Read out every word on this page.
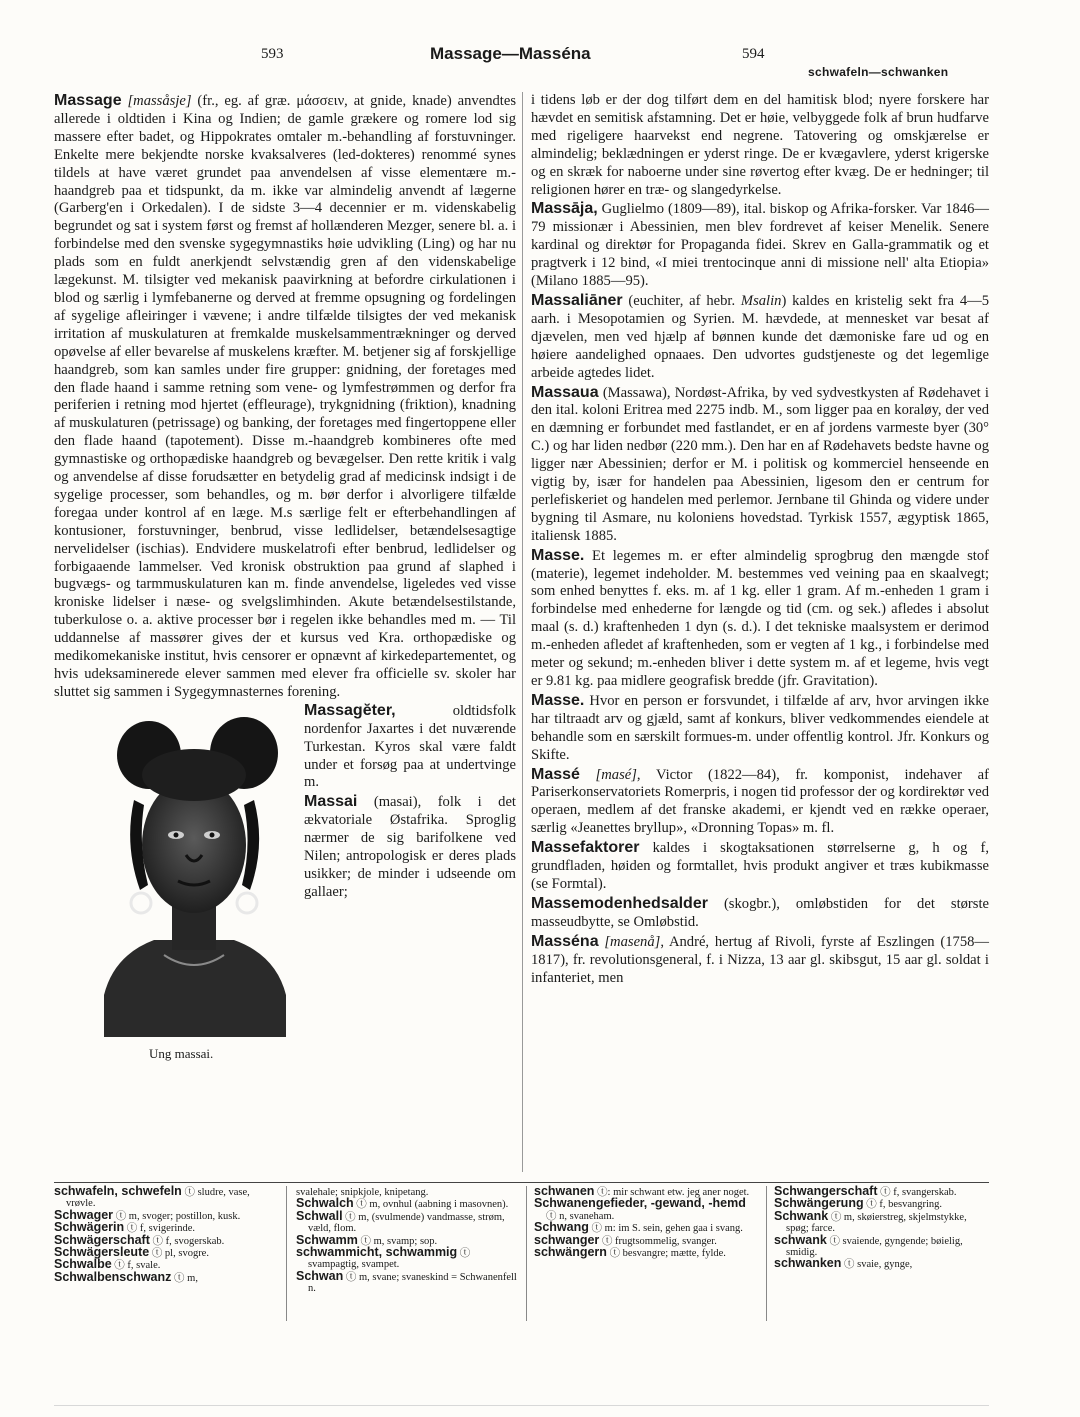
593	Massage—Masséna	594
schwafeln—schwanken

Massage [massåsje] (fr., eg. af græ. μάσσειν, at gnide, knade) anvendtes allerede i oldtiden i Kina og Indien; de gamle grækere og romere lod sig massere efter badet, og Hippokrates omtaler m.-behandling af forstuvninger. Enkelte mere bekjendte norske kvaksalveres (led-dokteres) renommé synes tildels at have været grundet paa anvendelsen af visse elementære m.-haandgreb paa et tidspunkt, da m. ikke var almindelig anvendt af lægerne (Garberg'en i Orkedalen). I de sidste 3—4 decennier er m. videnskabelig begrundet og sat i system først og fremst af hollænderen Mezger, senere bl. a. i forbindelse med den svenske sygegymnastiks høie udvikling (Ling) og har nu plads som en fuldt anerkjendt selvstændig gren af den videnskabelige lægekunst. M. tilsigter ved mekanisk paavirkning at befordre cirkulationen i blod og særlig i lymfebanerne og derved at fremme opsugning og fordelingen af sygelige afleiringer i vævene; i andre tilfælde tilsigtes der ved mekanisk irritation af muskulaturen at fremkalde muskelsammentrækninger og derved opøvelse af eller bevarelse af muskelens kræfter. M. betjener sig af forskjellige haandgreb, som kan samles under fire grupper: gnidning, der foretages med den flade haand i samme retning som vene- og lymfestrømmen og derfor fra periferien i retning mod hjertet (effleurage), trykgnidning (friktion), knadning af muskulaturen (petrissage) og banking, der foretages med fingertoppene eller den flade haand (tapotement). Disse m.-haandgreb kombineres ofte med gymnastiske og orthopædiske haandgreb og bevægelser. Den rette kritik i valg og anvendelse af disse forudsætter en betydelig grad af medicinsk indsigt i de sygelige processer, som behandles, og m. bør derfor i alvorligere tilfælde foregaa under kontrol af en læge. M.s særlige felt er efterbehandlingen af kontusioner, forstuvninger, benbrud, visse ledlidelser, betændelsesagtige nervelidelser (ischias). Endvidere muskelatrofi efter benbrud, ledlidelser og forbigaaende lammelser. Ved kronisk obstruktion paa grund af slaphed i bugvægs- og tarmmuskulaturen kan m. finde anvendelse, ligeledes ved visse kroniske lidelser i næse- og svelgslimhinden. Akute betændelsestilstande, tuberkulose o. a. aktive processer bør i regelen ikke behandles med m. — Til uddannelse af massører gives der et kursus ved Kra. orthopædiske og medikomekaniske institut, hvis censorer er opnævnt af kirkedepartementet, og hvis udeksaminerede elever sammen med elever fra officielle sv. skoler har sluttet sig sammen i Sygegymnasternes forening.

Ung massai.

Massagĕter, oldtidsfolk nordenfor Jaxartes i det nuværende Turkestan. Kyros skal være faldt under et forsøg paa at undertvinge m.

Massai (masai), folk i det ækvatoriale Østafrika. Sproglig nærmer de sig barifolkene ved Nilen; antropologisk er deres plads usikker; de minder i udseende om gallaer;

i tidens løb er der dog tilført dem en del hamitisk blod; nyere forskere har hævdet en semitisk afstamning. Det er høie, velbyggede folk af brun hudfarve med rigeligere haarvekst end negrene. Tatovering og omskjærelse er almindelig; beklædningen er yderst ringe. De er kvægavlere, yderst krigerske og en skræk for naboerne under sine røvertog efter kvæg. De er hedninger; til religionen hører en træ- og slangedyrkelse.

Massāja, Guglielmo (1809—89), ital. biskop og Afrika-forsker. Var 1846—79 missionær i Abessinien, men blev fordrevet af keiser Menelik. Senere kardinal og direktør for Propaganda fidei. Skrev en Galla-grammatik og et pragtverk i 12 bind, «I miei trentocinque anni di missione nell' alta Etiopia» (Milano 1885—95).

Massaliāner (euchiter, af hebr. Msalin) kaldes en kristelig sekt fra 4—5 aarh. i Mesopotamien og Syrien. M. hævdede, at mennesket var besat af djævelen, men ved hjælp af bønnen kunde det dæmoniske fare ud og en høiere aandelighed opnaaes. Den udvortes gudstjeneste og det legemlige arbeide agtedes lidet.

Massaua (Massawa), Nordøst-Afrika, by ved sydvestkysten af Rødehavet i den ital. koloni Eritrea med 2275 indb. M., som ligger paa en koraløy, der ved en dæmning er forbundet med fastlandet, er en af jordens varmeste byer (30° C.) og har liden nedbør (220 mm.). Den har en af Rødehavets bedste havne og ligger nær Abessinien; derfor er M. i politisk og kommerciel henseende en vigtig by, især for handelen paa Abessinien, ligesom den er centrum for perlefiskeriet og handelen med perlemor. Jernbane til Ghinda og videre under bygning til Asmare, nu koloniens hovedstad. Tyrkisk 1557, ægyptisk 1865, italiensk 1885.

Masse. Et legemes m. er efter almindelig sprogbrug den mængde stof (materie), legemet indeholder. M. bestemmes ved veining paa en skaalvegt; som enhed benyttes f. eks. m. af 1 kg. eller 1 gram. Af m.-enheden 1 gram i forbindelse med enhederne for længde og tid (cm. og sek.) afledes i absolut maal (s. d.) kraftenheden 1 dyn (s. d.). I det tekniske maalsystem er derimod m.-enheden afledet af kraftenheden, som er vegten af 1 kg., i forbindelse med meter og sekund; m.-enheden bliver i dette system m. af et legeme, hvis vegt er 9.81 kg. paa midlere geografisk bredde (jfr. Gravitation).

Masse. Hvor en person er forsvundet, i tilfælde af arv, hvor arvingen ikke har tiltraadt arv og gjæld, samt af konkurs, bliver vedkommendes eiendele at behandle som en særskilt formues-m. under offentlig kontrol. Jfr. Konkurs og Skifte.

Massé [masé], Victor (1822—84), fr. komponist, indehaver af Pariserkonservatoriets Romerpris, i nogen tid professor der og kordirektør ved operaen, medlem af det franske akademi, er kjendt ved en række operaer, særlig «Jeanettes bryllup», «Dronning Topas» m. fl.

Massefaktorer kaldes i skogtaksationen størrelserne g, h og f, grundfladen, høiden og formtallet, hvis produkt angiver et træs kubikmasse (se Formtal).

Massemodenhedsalder (skogbr.), omløbstiden for det største masseudbytte, se Omløbstid.

Masséna [masenå], André, hertug af Rivoli, fyrste af Eszlingen (1758—1817), fr. revolutionsgeneral, f. i Nizza, 13 aar gl. skibsgut, 15 aar gl. soldat i infanteriet, men

schwafeln, schwefeln ⓣ sludre, vase, vrøvle.

Schwager ⓣ m, svoger; postillon, kusk.

Schwägerin ⓣ f, svigerinde.

Schwägerschaft ⓣ f, svogerskab.

Schwägersleute ⓣ pl, svogre.

Schwalbe ⓣ f, svale.

Schwalbenschwanz ⓣ m,

svalehale; snipkjole, knipetang.

Schwalch ⓣ m, ovnhul (aabning i masovnen).

Schwall ⓣ m, (svulmende) vandmasse, strøm, væld, flom.

Schwamm ⓣ m, svamp; sop.

schwammicht, schwammig ⓣ svampagtig, svampet.

Schwan ⓣ m, svane; svaneskind = Schwanenfell n.

schwanen ⓣ: mir schwant etw. jeg aner noget.

Schwanengefieder, -gewand, -hemd ⓣ n, svaneham.

Schwang ⓣ m: im S. sein, gehen gaa i svang.

schwanger ⓣ frugtsommelig, svanger.

schwängern ⓣ besvangre; mætte, fylde.

Schwangerschaft ⓣ f, svangerskab.

Schwängerung ⓣ f, besvangring.

Schwank ⓣ m, skøierstreg, skjelmstykke, spøg; farce.

schwank ⓣ svaiende, gyngende; bøielig, smidig.

schwanken ⓣ svaie, gynge,
